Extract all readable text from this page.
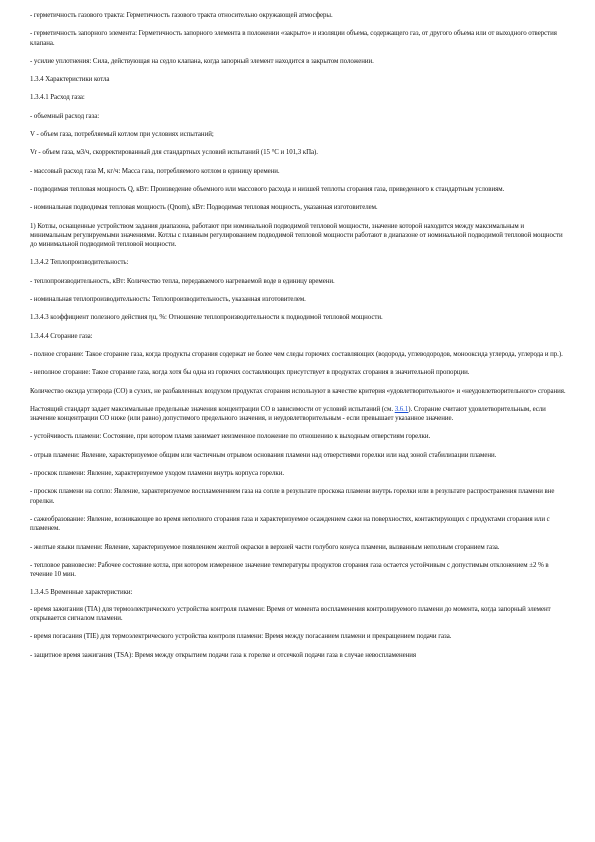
- герметичность газового тракта: Герметичность газового тракта относительно окружающей атмосферы.

- герметичность запорного элемента: Герметичность запорного элемента в положении «закрыто» и изоляции объема, содержащего газ, от другого объема или от выходного отверстия клапана.

- усилие уплотнения: Сила, действующая на седло клапана, когда запорный элемент находится в закрытом положении.

1.3.4 Характеристики котла

1.3.4.1 Расход газа:

- объемный расход газа:

V - объем газа, потребляемый котлом при условиях испытаний;

Vr - объем газа, м3/ч, скорректированный для стандартных условий испытаний (15 °С и 101,3 кПа).

- массовый расход газа М, кг/ч: Масса газа, потребляемого котлом в единицу времени.

- подводимая тепловая мощность Q, кВт: Произведение объемного или массового расхода и низшей теплоты сгорания газа, приведенного к стандартным условиям.

- номинальная подводимая тепловая мощность (Qnom), кВт: Подводимая тепловая мощность, указанная изготовителем.

1) Котлы, оснащенные устройством задания диапазона, работают при номинальной подводимой тепловой мощности, значение которой находится между максимальным и минимальным регулируемыми значениями. Котлы с плавным регулированием подводимой тепловой мощности работают в диапазоне от номинальной подводимой тепловой мощности до минимальной подводимой тепловой мощности.

1.3.4.2 Теплопроизводительность:

- теплопроизводительность, кВт: Количество тепла, передаваемого нагреваемой воде в единицу времени.

- номинальная теплопроизводительность: Теплопроизводительность, указанная изготовителем.

1.3.4.3 коэффициент полезного действия ηu, %: Отношение теплопроизводительности к подводимой тепловой мощности.

1.3.4.4 Сгорание газа:

- полное сгорание: Такое сгорание газа, когда продукты сгорания содержат не более чем следы горючих составляющих (водорода, углеводородов, монооксида углерода, углерода и пр.).

- неполное сгорание: Такое сгорание газа, когда хотя бы одна из горючих составляющих присутствует в продуктах сгорания в значительной пропорции.

Количество оксида углерода (СО) в сухих, не разбавленных воздухом продуктах сгорания используют в качестве критерия «удовлетворительного» и «неудовлетворительного» сгорания.

Настоящий стандарт задает максимальные предельные значения концентрации СО в зависимости от условий испытаний (см. 3.6.1). Сгорание считают удовлетворительным, если значение концентрации СО ниже (или равно) допустимого предельного значения, и неудовлетворительным - если превышает указанное значение.

- устойчивость пламени: Состояние, при котором пламя занимает неизменное положение по отношению к выходным отверстиям горелки.

- отрыв пламени: Явление, характеризуемое общим или частичным отрывом основания пламени над отверстиями горелки или над зоной стабилизации пламени.

- проскок пламени: Явление, характеризуемое уходом пламени внутрь корпуса горелки.

- проскок пламени на сопло: Явление, характеризуемое воспламенением газа на сопле в результате проскока пламени внутрь горелки или в результате распространения пламени вне горелки.

- сажеобразование: Явление, возникающее во время неполного сгорания газа и характеризуемое осаждением сажи на поверхностях, контактирующих с продуктами сгорания или с пламенем.

- желтые языки пламени: Явление, характеризуемое появлением желтой окраски в верхней части голубого конуса пламени, вызванным неполным сгоранием газа.

- тепловое равновесие: Рабочее состояние котла, при котором измеренное значение температуры продуктов сгорания газа остается устойчивым с допустимым отклонением ±2 % в течение 10 мин.

1.3.4.5 Временные характеристики:

- время зажигания (TIA) для термоэлектрического устройства контроля пламени: Время от момента воспламенения контролируемого пламени до момента, когда запорный элемент открывается сигналом пламени.

- время погасания (TIE) для термоэлектрического устройства контроля пламени: Время между погасанием пламени и прекращением подачи газа.

- защитное время зажигания (TSA): Время между открытием подачи газа к горелке и отсечкой подачи газа в случае невоспламенения
